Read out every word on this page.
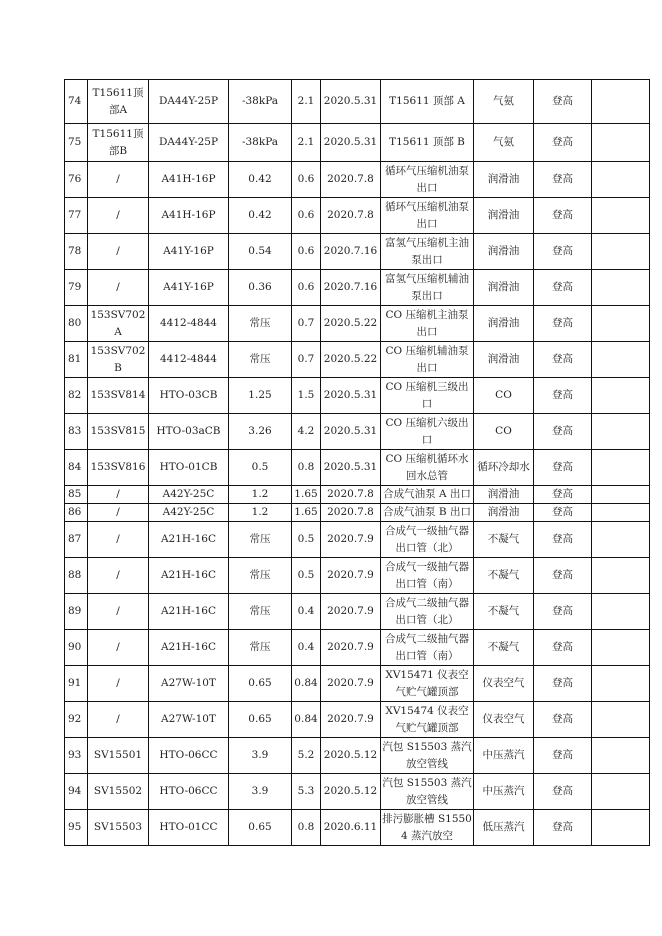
74	T15611顶部A	DA44Y-25P	-38kPa	2.1	2020.5.31	T15611 顶部 A	气氨	登高	
75	T15611顶部B	DA44Y-25P	-38kPa	2.1	2020.5.31	T15611 顶部 B	气氨	登高	
76	/	A41H-16P	0.42	0.6	2020.7.8	循环气压缩机油泵出口	润滑油	登高	
77	/	A41H-16P	0.42	0.6	2020.7.8	循环气压缩机油泵出口	润滑油	登高	
78	/	A41Y-16P	0.54	0.6	2020.7.16	富氢气压缩机主油泵出口	润滑油	登高	
79	/	A41Y-16P	0.36	0.6	2020.7.16	富氢气压缩机辅油泵出口	润滑油	登高	
80	153SV702A	4412-4844	常压	0.7	2020.5.22	CO 压缩机主油泵出口	润滑油	登高	
81	153SV702B	4412-4844	常压	0.7	2020.5.22	CO 压缩机辅油泵出口	润滑油	登高	
82	153SV814	HTO-03CB	1.25	1.5	2020.5.31	CO 压缩机三级出口	CO	登高	
83	153SV815	HTO-03aCB	3.26	4.2	2020.5.31	CO 压缩机六级出口	CO	登高	
84	153SV816	HTO-01CB	0.5	0.8	2020.5.31	CO 压缩机循环水回水总管	循环冷却水	登高	
85	/	A42Y-25C	1.2	1.65	2020.7.8	合成气油泵 A 出口	润滑油	登高	
86	/	A42Y-25C	1.2	1.65	2020.7.8	合成气油泵 B 出口	润滑油	登高	
87	/	A21H-16C	常压	0.5	2020.7.9	合成气一级抽气器出口管（北）	不凝气	登高	
88	/	A21H-16C	常压	0.5	2020.7.9	合成气一级抽气器出口管（南）	不凝气	登高	
89	/	A21H-16C	常压	0.4	2020.7.9	合成气二级抽气器出口管（北）	不凝气	登高	
90	/	A21H-16C	常压	0.4	2020.7.9	合成气二级抽气器出口管（南）	不凝气	登高	
91	/	A27W-10T	0.65	0.84	2020.7.9	XV15471 仪表空气贮气罐顶部	仪表空气	登高	
92	/	A27W-10T	0.65	0.84	2020.7.9	XV15474 仪表空气贮气罐顶部	仪表空气	登高	
93	SV15501	HTO-06CC	3.9	5.2	2020.5.12	汽包 S15503 蒸汽放空管线	中压蒸汽	登高	
94	SV15502	HTO-06CC	3.9	5.3	2020.5.12	汽包 S15503 蒸汽放空管线	中压蒸汽	登高	
95	SV15503	HTO-01CC	0.65	0.8	2020.6.11	排污膨胀槽 S15504 蒸汽放空	低压蒸汽	登高	
